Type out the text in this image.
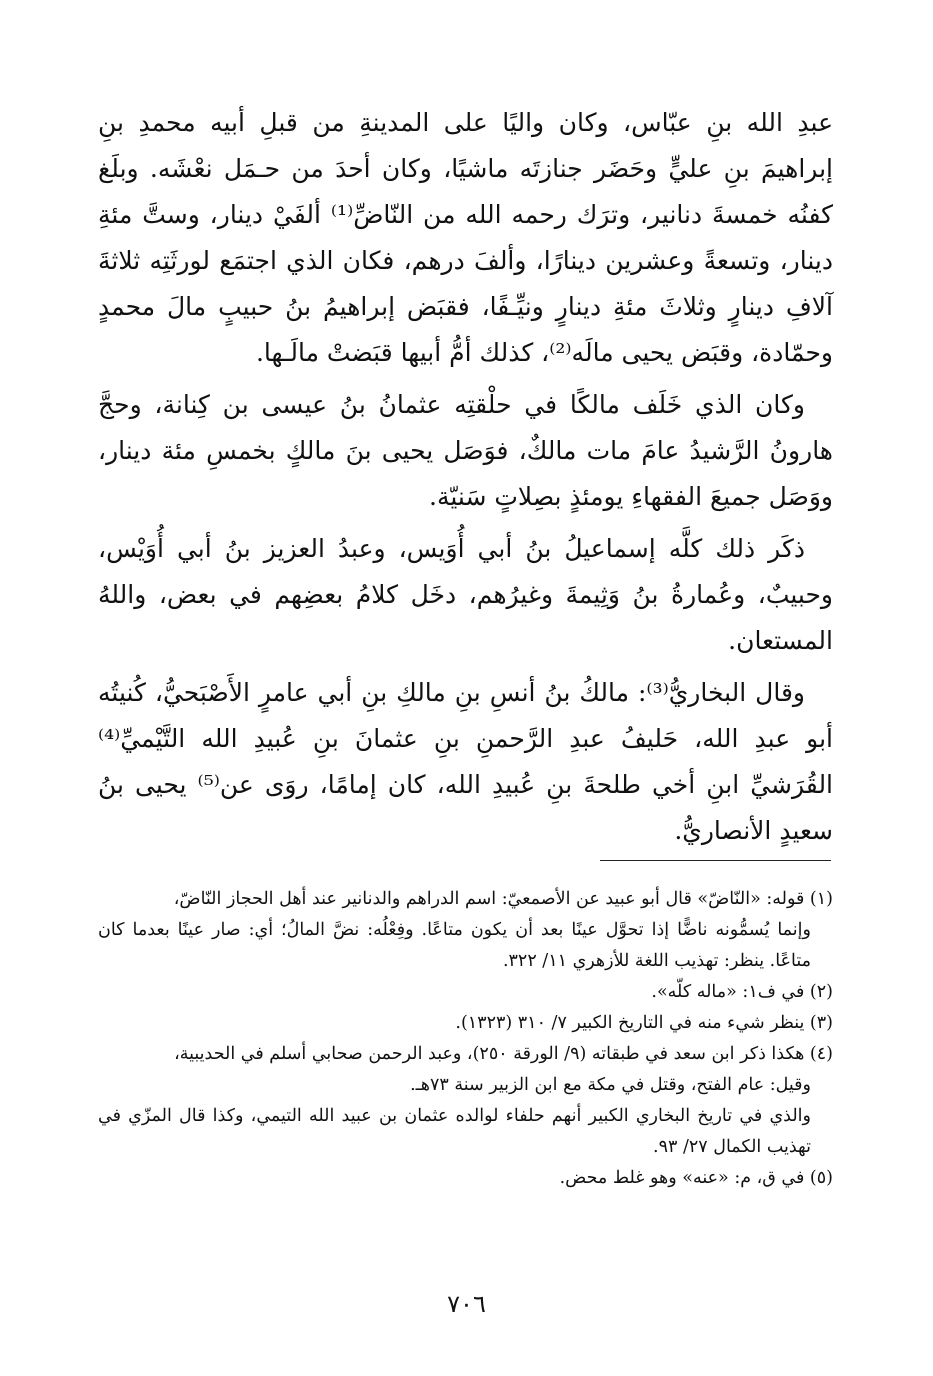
عبدِ الله بنِ عبّاس، وكان واليًا على المدينةِ من قبلِ أبيه محمدِ بنِ إبراهيمَ بنِ عليٍّ وحَضَر جنازتَه ماشيًا، وكان أحدَ من حـمَل نعْشَه. وبلَغ كفنُه خمسةَ دنانير، وترَك رحمه الله من النّاضِّ⁽¹⁾ ألفَيْ دينار، وستَّ مئةِ دينار، وتسعةً وعشرين دينارًا، وألفَ درهم، فكان الذي اجتمَع لورثَتِه ثلاثةَ آلافِ دينارٍ وثلاثَ مئةِ دينارٍ ونيِّـفًا، فقبَض إبراهيمُ بنُ حبيبٍ مالَ محمدٍ وحمّادة، وقبَض يحيى مالَه⁽²⁾، كذلك أمُّ أبيها قبَضتْ مالَـها.

وكان الذي خَلَف مالكًا في حلْقتِه عثمانُ بنُ عيسى بن كِنانة، وحجَّ هارونُ الرَّشيدُ عامَ مات مالكٌ، فوَصَل يحيى بنَ مالكٍ بخمسِ مئة دينار، ووَصَل جميعَ الفقهاءِ يومئذٍ بصِلاتٍ سَنيّة.

ذكَر ذلك كلَّه إسماعيلُ بنُ أبي أُوَيس، وعبدُ العزيز بنُ أبي أُوَيْس، وحبيبٌ، وعُمارةُ بنُ وَثِيمةَ وغيرُهم، دخَل كلامُ بعضِهم في بعض، واللهُ المستعان.

وقال البخاريُّ⁽³⁾: مالكُ بنُ أنسِ بنِ مالكِ بنِ أبي عامرٍ الأَصْبَحيُّ، كُنيتُه أبو عبدِ الله، حَليفُ عبدِ الرَّحمنِ بنِ عثمانَ بنِ عُبيدِ الله التَّيْميِّ⁽⁴⁾ القُرَشيِّ ابنِ أخي طلحةَ بنِ عُبيدِ الله، كان إمامًا، روَى عن⁽⁵⁾ يحيى بنُ سعيدٍ الأنصاريُّ.

(١) قوله: «النّاضّ» قال أبو عبيد عن الأصمعيّ: اسم الدراهم والدنانير عند أهل الحجاز النّاضّ،

وإنما يُسمُّونه ناضًّا إذا تحوَّل عينًا بعد أن يكون متاعًا. وفِعْلُه: نضَّ المالُ؛ أي: صار عينًا بعدما كان متاعًا. ينظر: تهذيب اللغة للأزهري ١١/ ٣٢٢.

(٢) في ف١: «ماله كلّه».

(٣) ينظر شيء منه في التاريخ الكبير ٧/ ٣١٠ (١٣٢٣).

(٤) هكذا ذكر ابن سعد في طبقاته (٩/ الورقة ٢٥٠)، وعبد الرحمن صحابي أسلم في الحديبية،

وقيل: عام الفتح، وقتل في مكة مع ابن الزبير سنة ٧٣هـ.

والذي في تاريخ البخاري الكبير أنهم حلفاء لوالده عثمان بن عبيد الله التيمي، وكذا قال المزّي في تهذيب الكمال ٢٧/ ٩٣.

(٥) في ق، م: «عنه» وهو غلط محض.

٧٠٦
